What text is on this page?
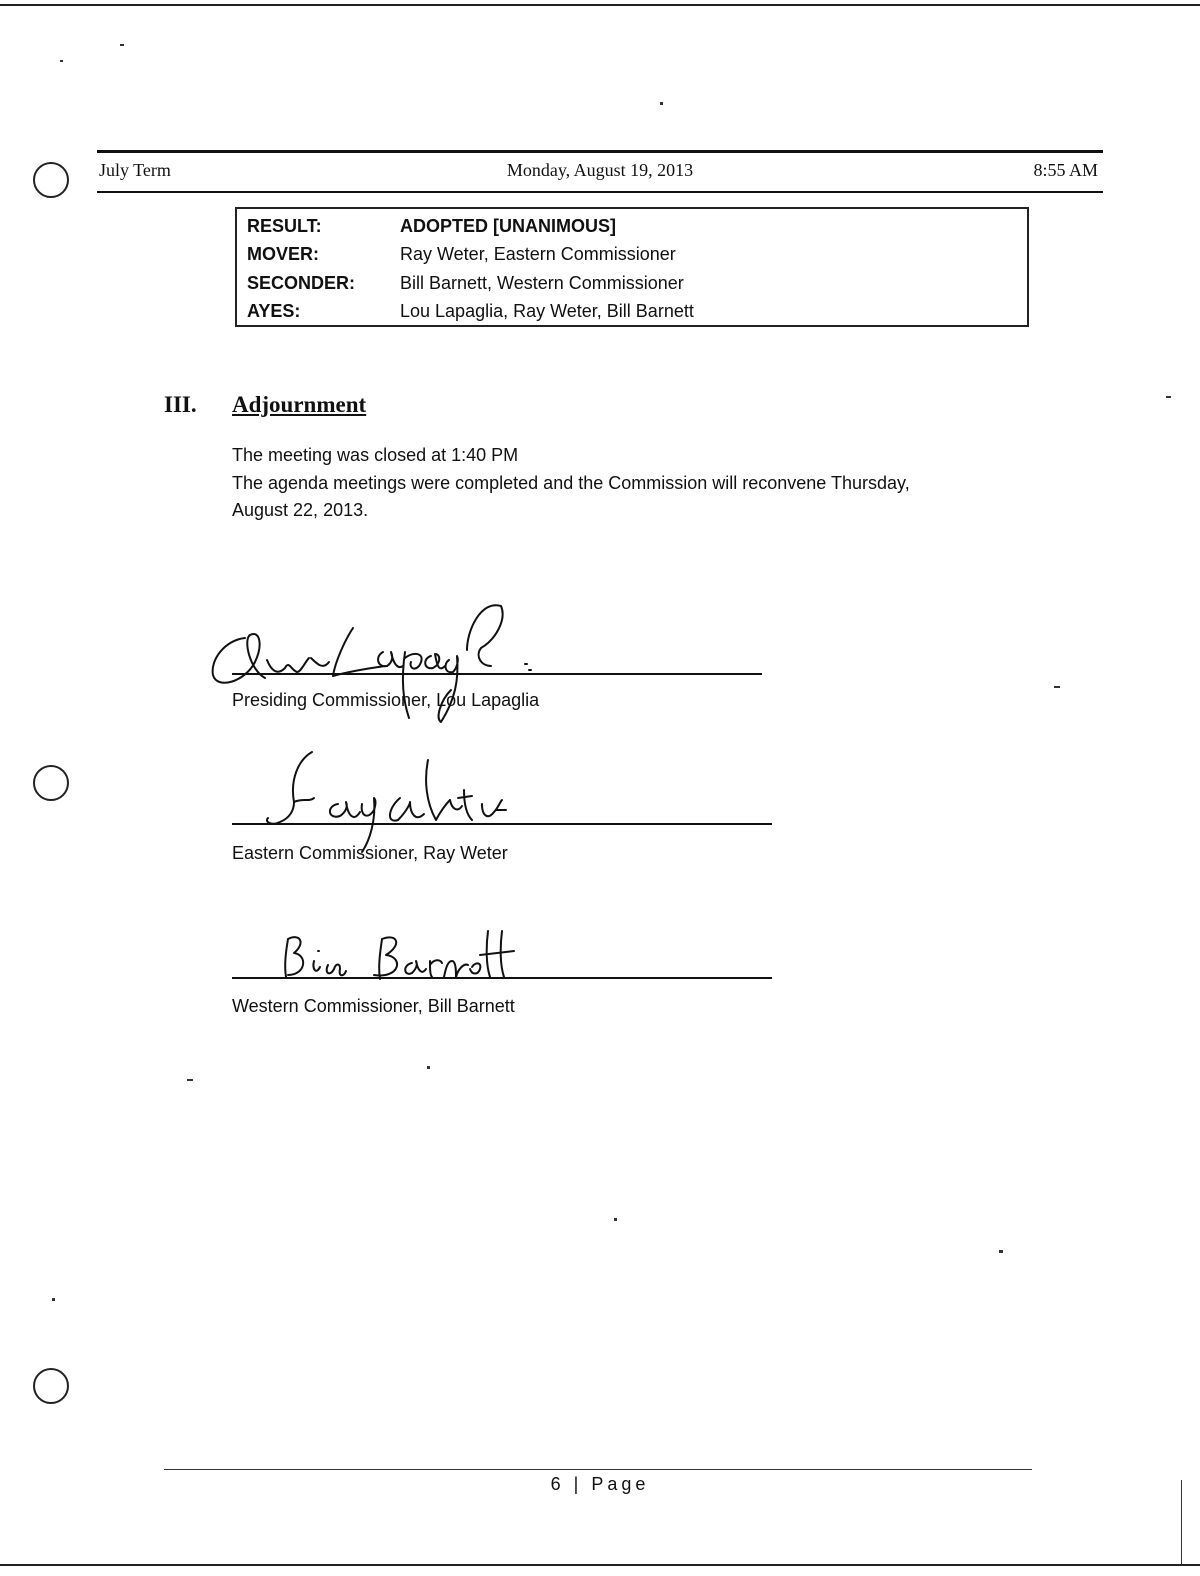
July Term	Monday, August 19, 2013	8:55 AM
RESULT:	ADOPTED [UNANIMOUS]
MOVER:	Ray Weter, Eastern Commissioner
SECONDER: Bill Barnett, Western Commissioner
AYES:	Lou Lapaglia, Ray Weter, Bill Barnett
III. Adjournment
The meeting was closed at 1:40 PM
The agenda meetings were completed and the Commission will reconvene Thursday,
August 22, 2013.
Presiding Commissioner, Lou Lapaglia
Eastern Commissioner, Ray Weter
Western Commissioner, Bill Barnett
6 | Page
